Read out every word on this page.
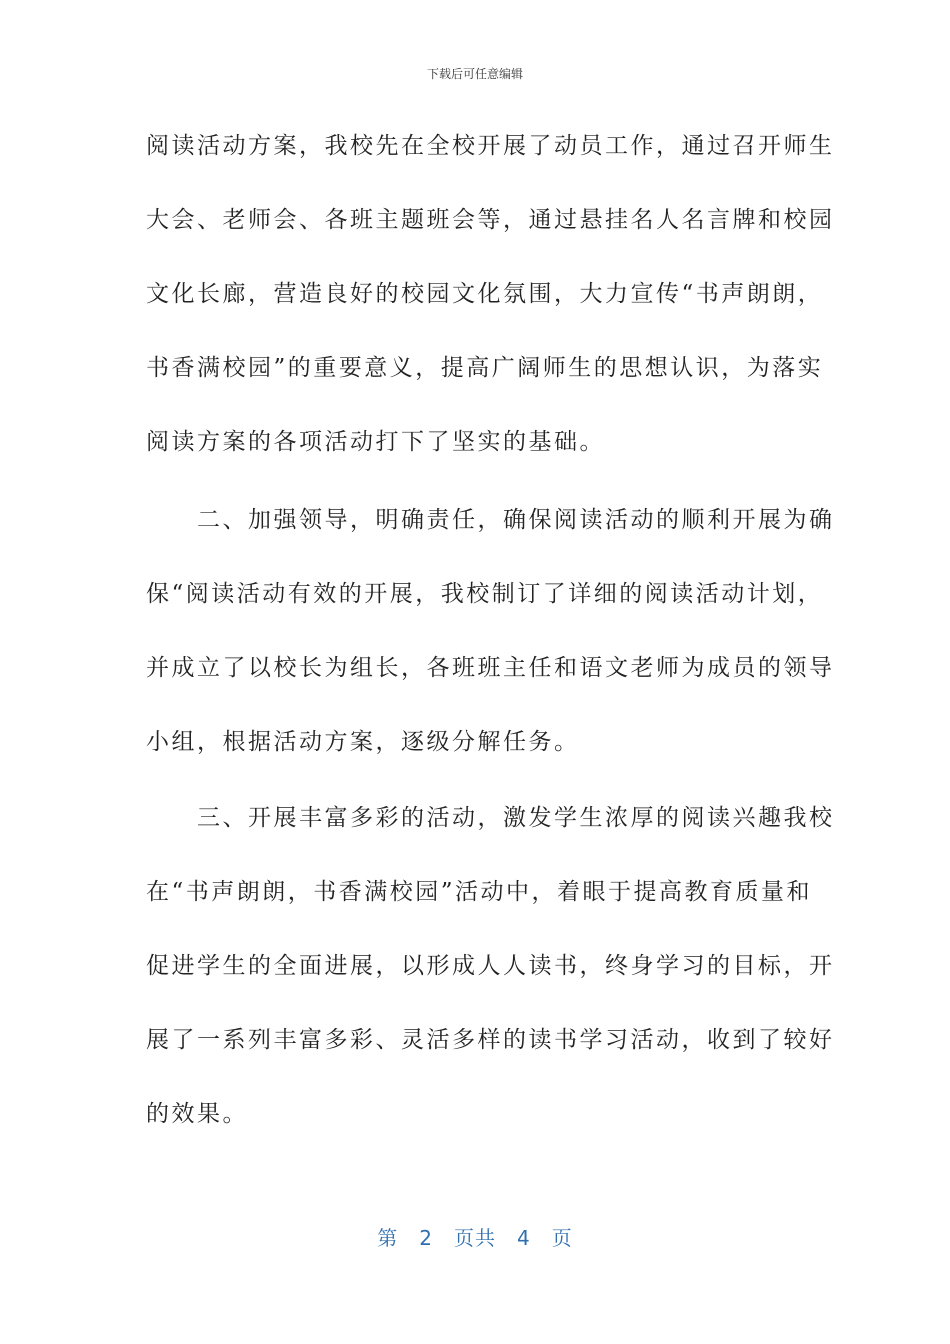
下载后可任意编辑
阅读活动方案，我校先在全校开展了动员工作，通过召开师生
大会、老师会、各班主题班会等，通过悬挂名人名言牌和校园
文化长廊，营造良好的校园文化氛围，大力宣传“书声朗朗，
书香满校园”的重要意义，提高广阔师生的思想认识，为落实
阅读方案的各项活动打下了坚实的基础。
　　二、加强领导，明确责任，确保阅读活动的顺利开展为确
保“阅读活动有效的开展，我校制订了详细的阅读活动计划，
并成立了以校长为组长，各班班主任和语文老师为成员的领导
小组，根据活动方案，逐级分解任务。
　　三、开展丰富多彩的活动，激发学生浓厚的阅读兴趣我校
在“书声朗朗，书香满校园”活动中，着眼于提高教育质量和
促进学生的全面进展，以形成人人读书，终身学习的目标，开
展了一系列丰富多彩、灵活多样的读书学习活动，收到了较好
的效果。
第　2　页共　4　页
